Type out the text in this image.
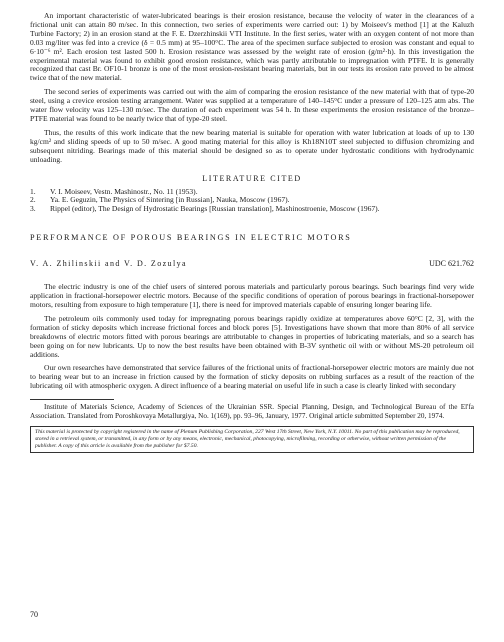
An important characteristic of water-lubricated bearings is their erosion resistance, because the velocity of water in the clearances of a frictional unit can attain 80 m/sec. In this connection, two series of experiments were carried out: 1) by Moiseev's method [1] at the Kaluzh Turbine Factory; 2) in an erosion stand at the F. E. Dzerzhinskii VTI Institute. In the first series, water with an oxygen content of not more than 0.03 mg/liter was fed into a crevice (δ = 0.5 mm) at 95–100°C. The area of the specimen surface subjected to erosion was constant and equal to 6·10⁻⁶ m². Each erosion test lasted 500 h. Erosion resistance was assessed by the weight rate of erosion (g/m²·h). In this investigation the experimental material was found to exhibit good erosion resistance, which was partly attributable to impregnation with PTFE. It is generally recognized that cast Br. OF10-1 bronze is one of the most erosion-resistant bearing materials, but in our tests its erosion rate proved to be almost twice that of the new material.

The second series of experiments was carried out with the aim of comparing the erosion resistance of the new material with that of type-20 steel, using a crevice erosion testing arrangement. Water was supplied at a temperature of 140–145°C under a pressure of 120–125 atm abs. The water flow velocity was 125–130 m/sec. The duration of each experiment was 54 h. In these experiments the erosion resistance of the bronze–PTFE material was found to be nearly twice that of type-20 steel.

Thus, the results of this work indicate that the new bearing material is suitable for operation with water lubrication at loads of up to 130 kg/cm² and sliding speeds of up to 50 m/sec. A good mating material for this alloy is Kh18N10T steel subjected to diffusion chromizing and subsequent nitriding. Bearings made of this material should be designed so as to operate under hydrostatic conditions with hydrodynamic unloading.

LITERATURE CITED
1.	V. I. Moiseev, Vestn. Mashinostr., No. 11 (1953).
2.	Ya. E. Geguzin, The Physics of Sintering [in Russian], Nauka, Moscow (1967).
3.	Rippel (editor), The Design of Hydrostatic Bearings [Russian translation], Mashinostroenie, Moscow (1967).
PERFORMANCE OF POROUS BEARINGS IN ELECTRIC MOTORS
V. A. Zhilinskii and V. D. Zozulya	UDC 621.762

The electric industry is one of the chief users of sintered porous materials and particularly porous bearings. Such bearings find very wide application in fractional-horsepower electric motors. Because of the specific conditions of operation of porous bearings in fractional-horsepower motors, resulting from exposure to high temperature [1], there is need for improved materials capable of ensuring longer bearing life.

The petroleum oils commonly used today for impregnating porous bearings rapidly oxidize at temperatures above 60°C [2, 3], with the formation of sticky deposits which increase frictional forces and block pores [5]. Investigations have shown that more than 80% of all service breakdowns of electric motors fitted with porous bearings are attributable to changes in properties of lubricating materials, and so a search has been going on for new lubricants. Up to now the best results have been obtained with B-3V synthetic oil with or without MS-20 petroleum oil additions.

Our own researches have demonstrated that service failures of the frictional units of fractional-horsepower electric motors are mainly due not to bearing wear but to an increase in friction caused by the formation of sticky deposits on rubbing surfaces as a result of the reaction of the lubricating oil with atmospheric oxygen. A direct influence of a bearing material on useful life in such a case is clearly linked with secondary

Institute of Materials Science, Academy of Sciences of the Ukrainian SSR. Special Planning, Design, and Technological Bureau of the El'fa Association. Translated from Poroshkovaya Metallurgiya, No. 1(169), pp. 93–96, January, 1977. Original article submitted September 20, 1974.
This material is protected by copyright registered in the name of Plenum Publishing Corporation, 227 West 17th Street, New York, N.Y. 10011. No part of this publication may be reproduced, stored in a retrieval system, or transmitted, in any form or by any means, electronic, mechanical, photocopying, microfilming, recording or otherwise, without written permission of the publisher. A copy of this article is available from the publisher for $7.50.
70
